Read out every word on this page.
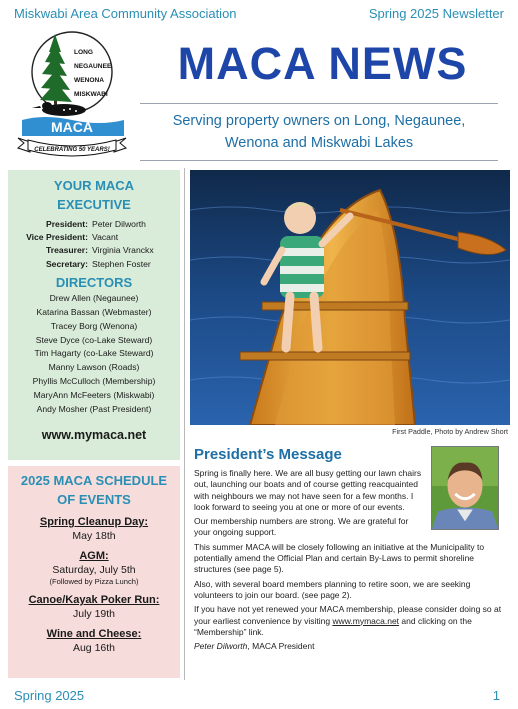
Miskwabi Area Community Association	Spring 2025 Newsletter
LONG
NEGAUNEE
WENONA
MISKWABI
MACA
CELEBRATING 50 YEARS!
MACA NEWS
Serving property owners on Long, Negaunee,
Wenona and Miskwabi Lakes
YOUR MACA
EXECUTIVE
President: Peter Dilworth
Vice President: Vacant
Treasurer: Virginia Vranckx
Secretary: Stephen Foster
DIRECTORS
Drew Allen (Negaunee)
Katarina Bassan (Webmaster)
Tracey Borg (Wenona)
Steve Dyce (co-Lake Steward)
Tim Hagarty (co-Lake Steward)
Manny Lawson (Roads)
Phyllis McCulloch (Membership)
MaryAnn McFeeters (Miskwabi)
Andy Mosher (Past President)
www.mymaca.net
2025 MACA SCHEDULE
OF EVENTS
Spring Cleanup Day:
May 18th
AGM:
Saturday, July 5th
(Followed by Pizza Lunch)
Canoe/Kayak Poker Run:
July 19th
Wine and Cheese:
Aug 16th
First Paddle, Photo by Andrew Short
President’s Message

Spring is finally here. We are all busy getting our lawn chairs out, launching our boats and of course getting reacquainted with neighbours we may not have seen for a few months. I look forward to seeing you at one or more of our events.

Our membership numbers are strong. We are grateful for your ongoing support.

This summer MACA will be closely following an initiative at the Municipality to potentially amend the Official Plan and certain By-Laws to permit shoreline structures (see page 5).

Also, with several board members planning to retire soon, we are seeking volunteers to join our board. (see page 2).

If you have not yet renewed your MACA membership, please consider doing so at your earliest convenience by visiting www.mymaca.net and clicking on the “Membership” link.

Peter Dilworth, MACA President

Spring 2025	1
